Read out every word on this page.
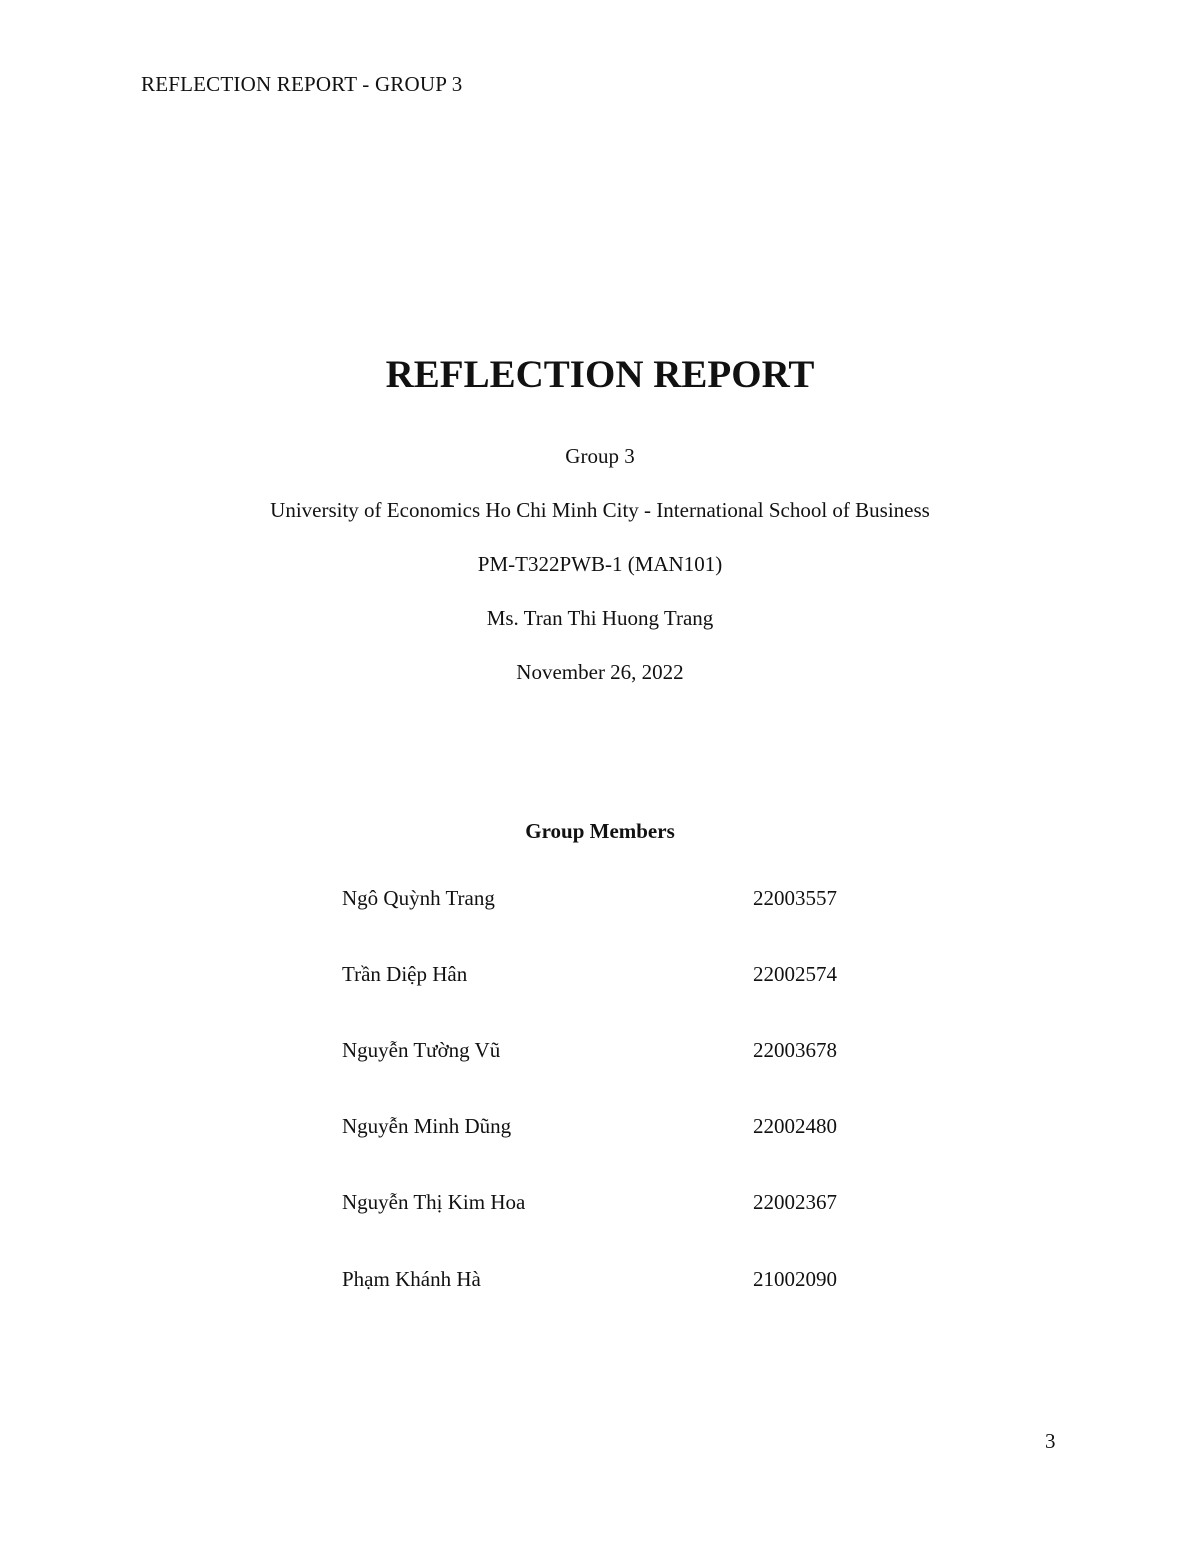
REFLECTION REPORT - GROUP 3
REFLECTION REPORT
Group 3
University of Economics Ho Chi Minh City - International School of Business
PM-T322PWB-1 (MAN101)
Ms. Tran Thi Huong Trang
November 26, 2022
Group Members
Ngô Quỳnh Trang	22003557
Trần Diệp Hân	22002574
Nguyễn Tường Vũ	22003678
Nguyễn Minh Dũng	22002480
Nguyễn Thị Kim Hoa	22002367
Phạm Khánh Hà	21002090
3
